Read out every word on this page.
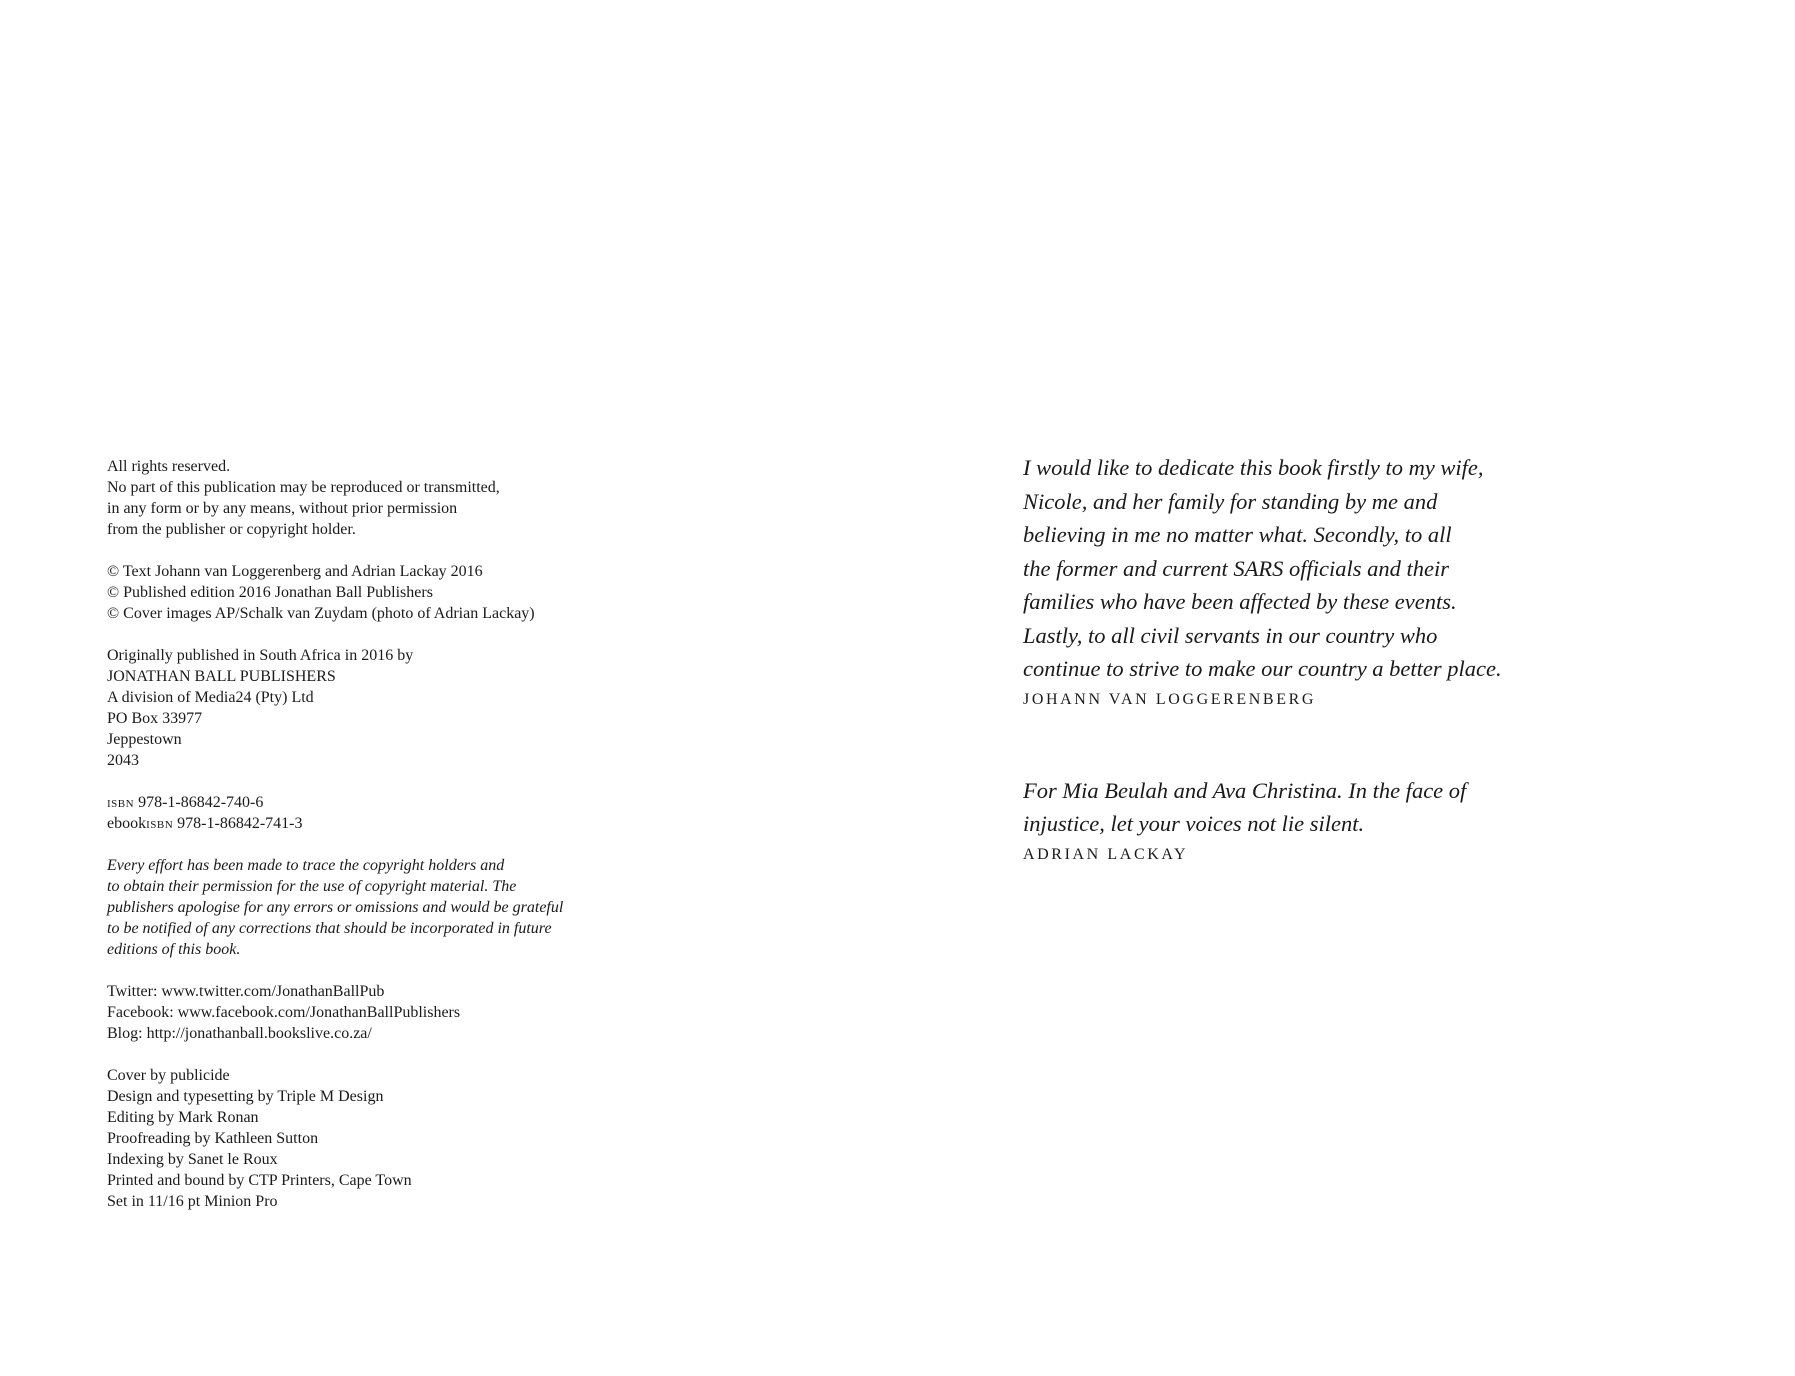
All rights reserved.
No part of this publication may be reproduced or transmitted,
in any form or by any means, without prior permission
from the publisher or copyright holder.
© Text Johann van Loggerenberg and Adrian Lackay 2016
© Published edition 2016 Jonathan Ball Publishers
© Cover images AP/Schalk van Zuydam (photo of Adrian Lackay)
Originally published in South Africa in 2016 by
JONATHAN BALL PUBLISHERS
A division of Media24 (Pty) Ltd
PO Box 33977
Jeppestown
2043
isbn 978-1-86842-740-6
ebookisbn 978-1-86842-741-3
Every effort has been made to trace the copyright holders and
to obtain their permission for the use of copyright material. The
publishers apologise for any errors or omissions and would be grateful
to be notified of any corrections that should be incorporated in future
editions of this book.
Twitter: www.twitter.com/JonathanBallPub
Facebook: www.facebook.com/JonathanBallPublishers
Blog: http://jonathanball.bookslive.co.za/
Cover by publicide
Design and typesetting by Triple M Design
Editing by Mark Ronan
Proofreading by Kathleen Sutton
Indexing by Sanet le Roux
Printed and bound by CTP Printers, Cape Town
Set in 11/16 pt Minion Pro
I would like to dedicate this book firstly to my wife,
Nicole, and her family for standing by me and
believing in me no matter what. Secondly, to all
the former and current SARS officials and their
families who have been affected by these events.
Lastly, to all civil servants in our country who
continue to strive to make our country a better place.
JOHANN VAN LOGGERENBERG
For Mia Beulah and Ava Christina. In the face of
injustice, let your voices not lie silent.
ADRIAN LACKAY
